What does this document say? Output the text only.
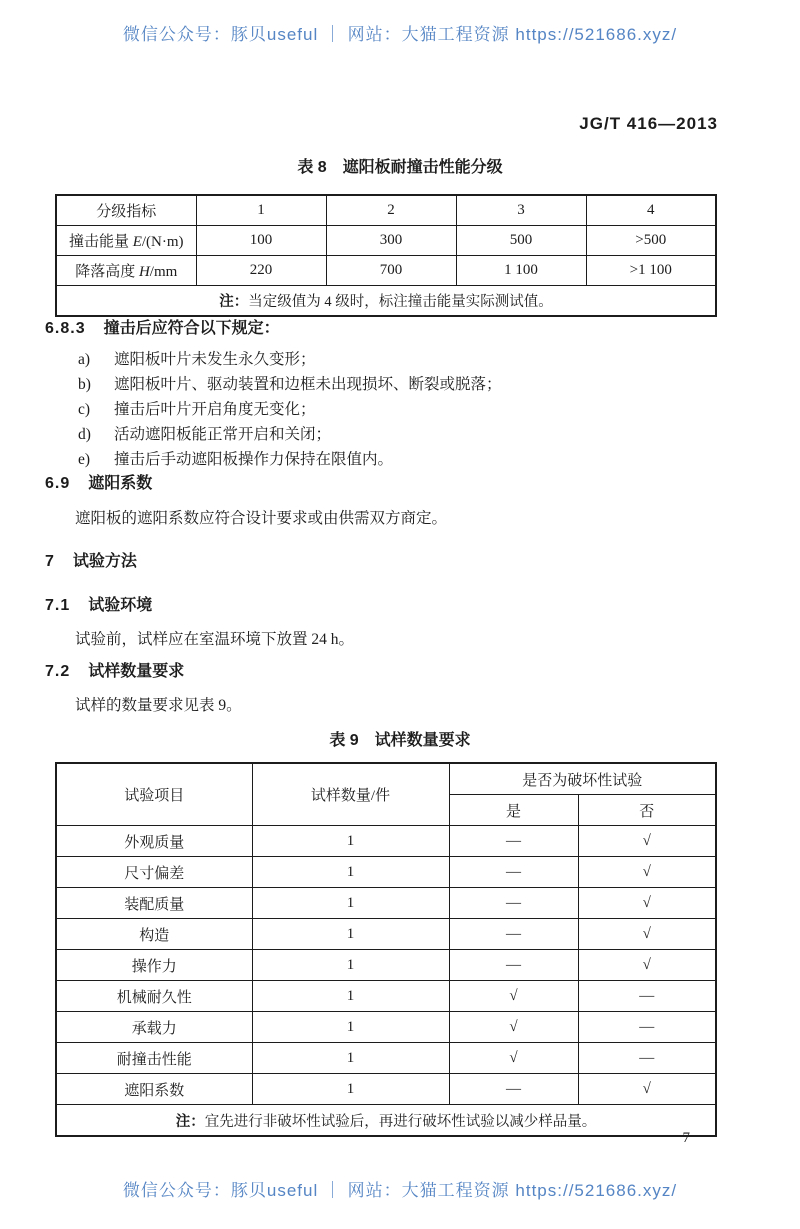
微信公众号：豚贝useful ｜ 网站：大猫工程资源 https://521686.xyz/
JG/T 416—2013
表 8　遮阳板耐撞击性能分级
分级指标	1	2	3	4
撞击能量 E/(N·m)	100	300	500	>500
降落高度 H/mm	220	700	1 100	>1 100
注：当定级值为 4 级时，标注撞击能量实际测试值。				
6.8.3 撞击后应符合以下规定：
a) 遮阳板叶片未发生永久变形；
b) 遮阳板叶片、驱动装置和边框未出现损坏、断裂或脱落；
c) 撞击后叶片开启角度无变化；
d) 活动遮阳板能正常开启和关闭；
e) 撞击后手动遮阳板操作力保持在限值内。
6.9 遮阳系数
遮阳板的遮阳系数应符合设计要求或由供需双方商定。
7 试验方法
7.1 试验环境
试验前，试样应在室温环境下放置 24 h。
7.2 试样数量要求
试样的数量要求见表 9。
表 9　试样数量要求
试验项目	试样数量/件	是否为破坏性试验	
		是	否
外观质量	1	—	√
尺寸偏差	1	—	√
装配质量	1	—	√
构造	1	—	√
操作力	1	—	√
机械耐久性	1	√	—
承载力	1	√	—
耐撞击性能	1	√	—
遮阳系数	1	—	√
注：宜先进行非破坏性试验后，再进行破坏性试验以减少样品量。			
7
微信公众号：豚贝useful ｜ 网站：大猫工程资源 https://521686.xyz/
